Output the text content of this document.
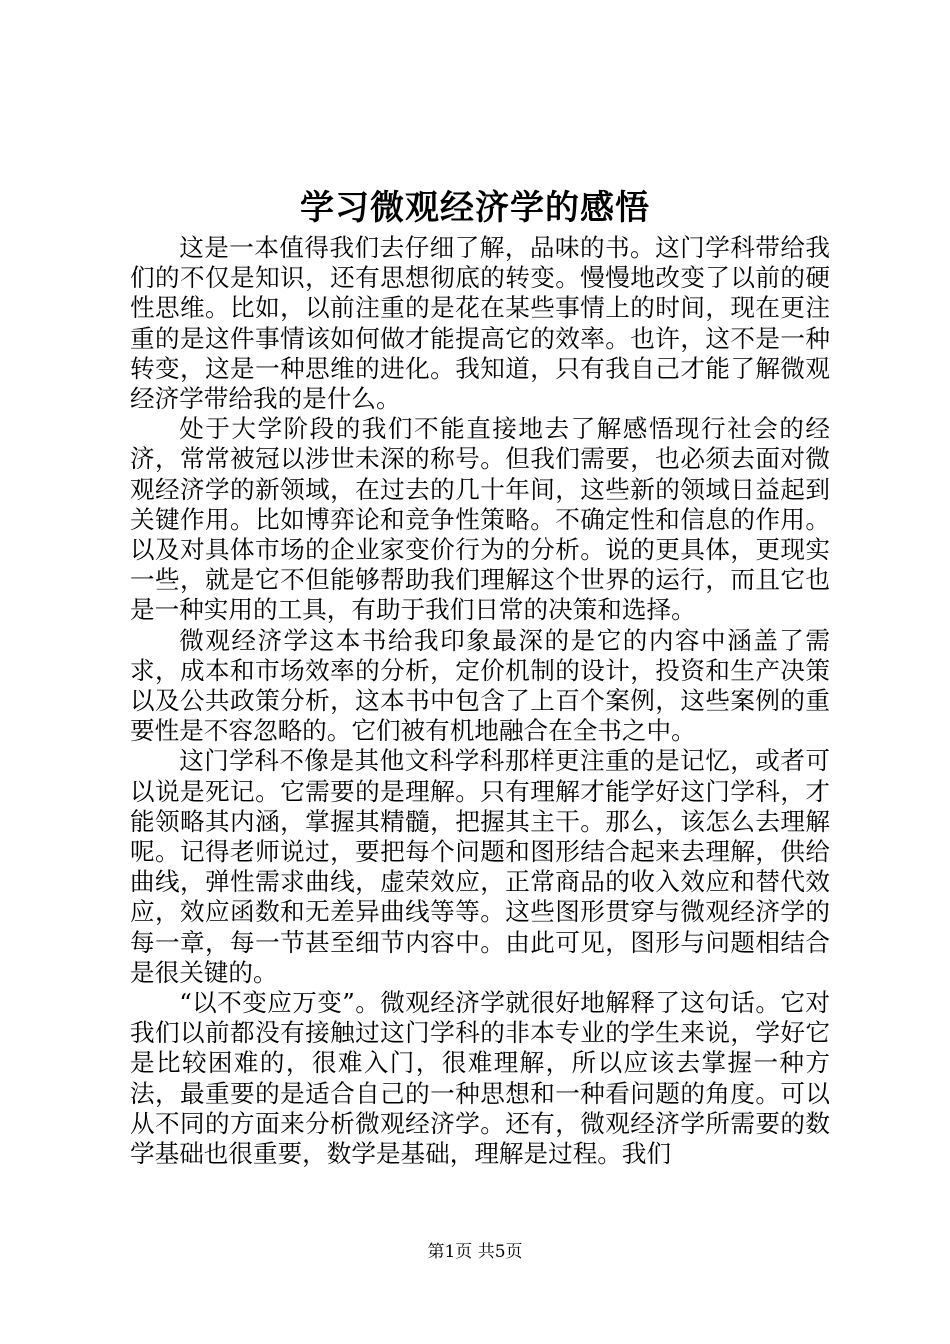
学习微观经济学的感悟

这是一本值得我们去仔细了解，品味的书。这门学科带给我们的不仅是知识，还有思想彻底的转变。慢慢地改变了以前的硬性思维。比如，以前注重的是花在某些事情上的时间，现在更注重的是这件事情该如何做才能提高它的效率。也许，这不是一种转变，这是一种思维的进化。我知道，只有我自己才能了解微观经济学带给我的是什么。

处于大学阶段的我们不能直接地去了解感悟现行社会的经济，常常被冠以涉世未深的称号。但我们需要，也必须去面对微观经济学的新领域，在过去的几十年间，这些新的领域日益起到关键作用。比如博弈论和竞争性策略。不确定性和信息的作用。以及对具体市场的企业家变价行为的分析。说的更具体，更现实一些，就是它不但能够帮助我们理解这个世界的运行，而且它也是一种实用的工具，有助于我们日常的决策和选择。

微观经济学这本书给我印象最深的是它的内容中涵盖了需求，成本和市场效率的分析，定价机制的设计，投资和生产决策以及公共政策分析，这本书中包含了上百个案例，这些案例的重要性是不容忽略的。它们被有机地融合在全书之中。

这门学科不像是其他文科学科那样更注重的是记忆，或者可以说是死记。它需要的是理解。只有理解才能学好这门学科，才能领略其内涵，掌握其精髓，把握其主干。那么，该怎么去理解呢。记得老师说过，要把每个问题和图形结合起来去理解，供给曲线，弹性需求曲线，虚荣效应，正常商品的收入效应和替代效应，效应函数和无差异曲线等等。这些图形贯穿与微观经济学的每一章，每一节甚至细节内容中。由此可见，图形与问题相结合是很关键的。

“以不变应万变”。微观经济学就很好地解释了这句话。它对我们以前都没有接触过这门学科的非本专业的学生来说，学好它是比较困难的，很难入门，很难理解，所以应该去掌握一种方法，最重要的是适合自己的一种思想和一种看问题的角度。可以从不同的方面来分析微观经济学。还有，微观经济学所需要的数学基础也很重要，数学是基础，理解是过程。我们

第1页 共5页
